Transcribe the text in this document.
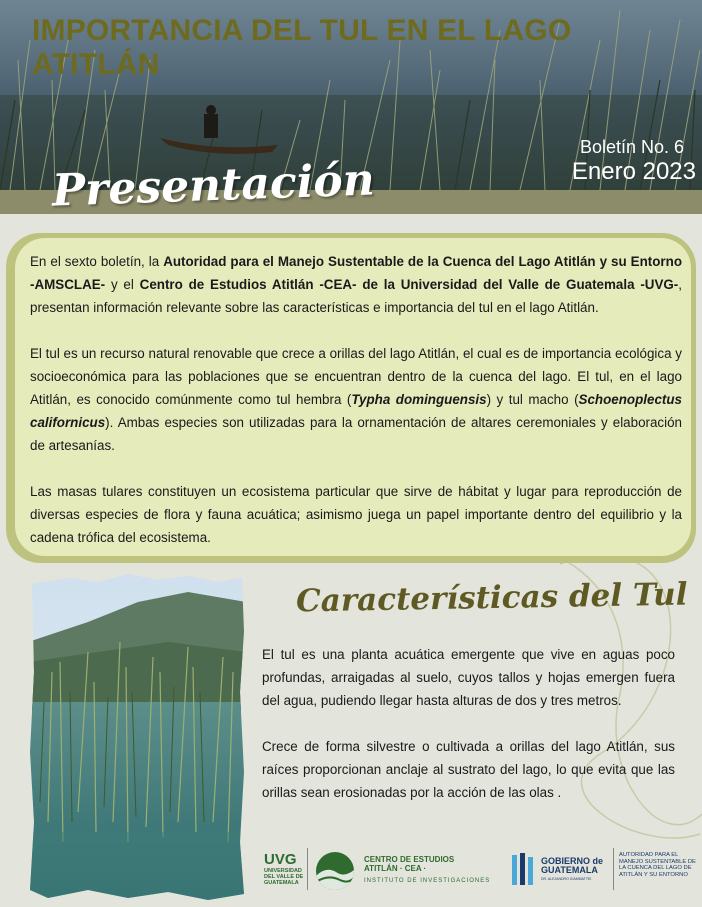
IMPORTANCIA DEL TUL EN EL LAGO ATITLÁN
Boletín No. 6
Enero 2023
Presentación

En el sexto boletín, la Autoridad para el Manejo Sustentable de la Cuenca del Lago Atitlán y su Entorno -AMSCLAE- y el Centro de Estudios Atitlán -CEA- de la Universidad del Valle de Guatemala -UVG-, presentan información relevante sobre las características e importancia del tul en el lago Atitlán.

El tul es un recurso natural renovable que crece a orillas del lago Atitlán, el cual es de importancia ecológica y socioeconómica para las poblaciones que se encuentran dentro de la cuenca del lago. El tul, en el lago Atitlán, es conocido comúnmente como tul hembra (Typha dominguensis) y tul macho (Schoenoplectus californicus). Ambas especies son utilizadas para la ornamentación de altares ceremoniales y elaboración de artesanías.

Las masas tulares constituyen un ecosistema particular que sirve de hábitat y lugar para reproducción de diversas especies de flora y fauna acuática; asimismo juega un papel importante dentro del equilibrio y la cadena trófica del ecosistema.

Características del Tul

El tul es una planta acuática emergente que vive en aguas poco profundas, arraigadas al suelo, cuyos tallos y hojas emergen fuera del agua, pudiendo llegar hasta alturas de dos y tres metros.

Crece de forma silvestre o cultivada a orillas del lago Atitlán, sus raíces proporcionan anclaje al sustrato del lago, lo que evita que las orillas sean erosionadas por la acción de las olas .

UVG
UNIVERSIDAD DEL VALLE DE GUATEMALA
CENTRO DE ESTUDIOS ATITLÁN · CEA ·
INSTITUTO DE INVESTIGACIONES
GOBIERNO de GUATEMALA
DR. ALEJANDRO GIAMMATTEI
AUTORIDAD PARA EL MANEJO SUSTENTABLE DE LA CUENCA DEL LAGO DE ATITLÁN Y SU ENTORNO
